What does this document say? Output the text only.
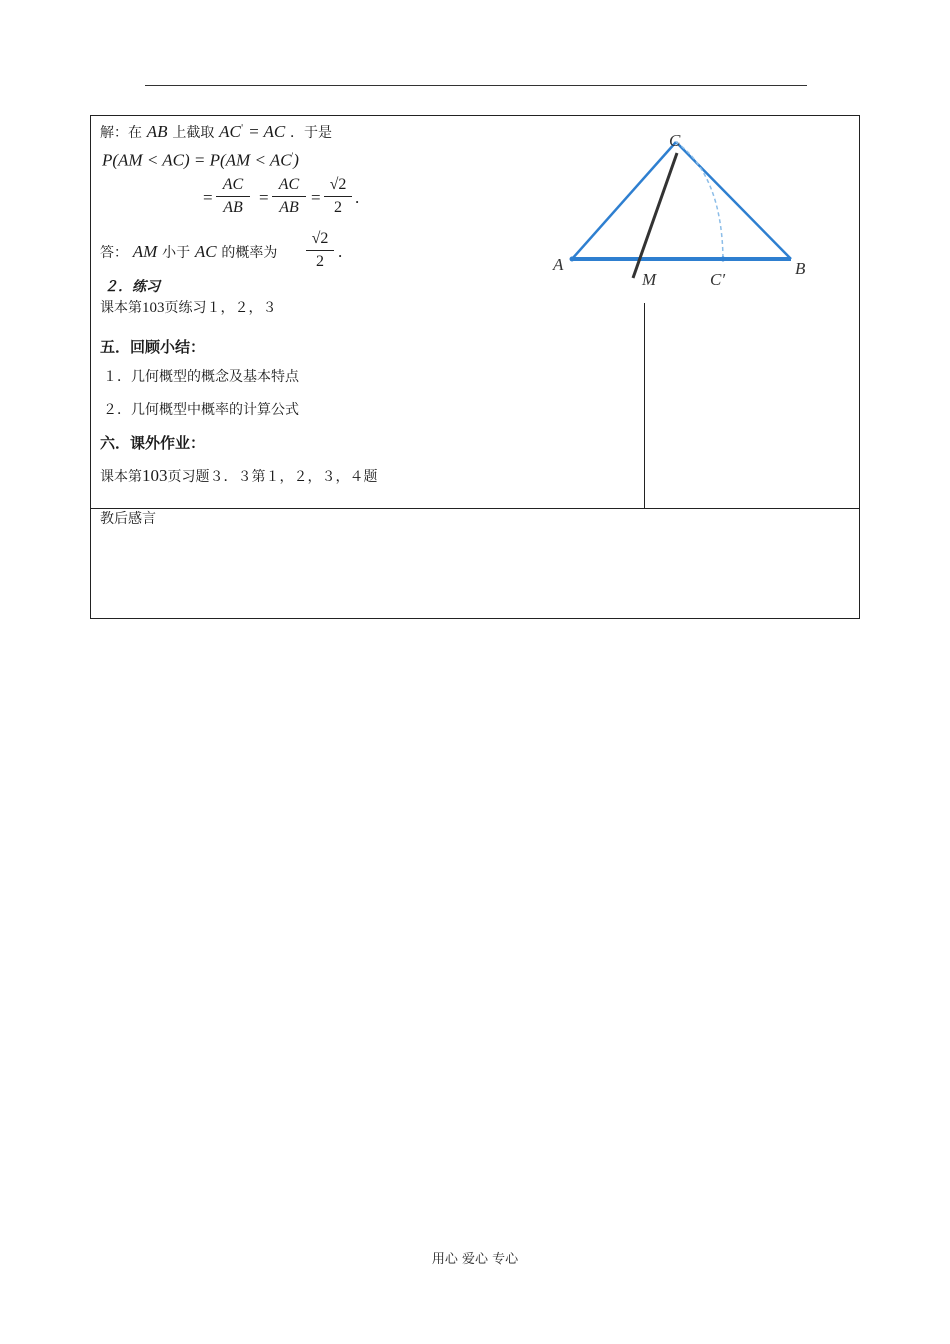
解：在 AB 上截取 AC' = AC ．于是
P(AM < AC) = P(AM < AC')
=
AC
AB
=
AC
AB
=
√2
2
.
答： AM 小于 AC 的概率为
√2
2
.
２．练习
课本第103页练习１，２，３
五．回顾小结：
１．几何概型的概念及基本特点
２．几何概型中概率的计算公式
六．课外作业：
课本第103页习题３．３第１，２，３，４题
教后感言
A	B
C
M	C′
用心 爱心 专心
